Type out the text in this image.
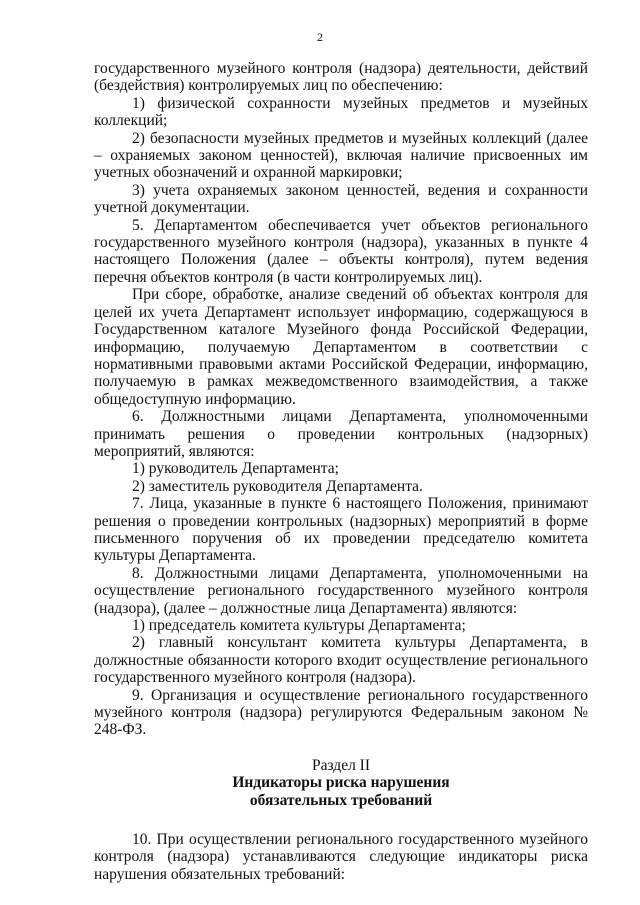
2

государственного музейного контроля (надзора) деятельности, действий (бездействия) контролируемых лиц по обеспечению:

1) физической сохранности музейных предметов и музейных коллекций;

2) безопасности музейных предметов и музейных коллекций (далее – охраняемых законом ценностей), включая наличие присвоенных им учетных обозначений и охранной маркировки;

3) учета охраняемых законом ценностей, ведения и сохранности учетной документации.

5. Департаментом обеспечивается учет объектов регионального государственного музейного контроля (надзора), указанных в пункте 4 настоящего Положения (далее – объекты контроля), путем ведения перечня объектов контроля (в части контролируемых лиц).

При сборе, обработке, анализе сведений об объектах контроля для целей их учета Департамент использует информацию, содержащуюся в Государственном каталоге Музейного фонда Российской Федерации, информацию, получаемую Департаментом в соответствии с нормативными правовыми актами Российской Федерации, информацию, получаемую в рамках межведомственного взаимодействия, а также общедоступную информацию.

6. Должностными лицами Департамента, уполномоченными принимать решения о проведении контрольных (надзорных) мероприятий, являются:

1) руководитель Департамента;

2) заместитель руководителя Департамента.

7. Лица, указанные в пункте 6 настоящего Положения, принимают решения о проведении контрольных (надзорных) мероприятий в форме письменного поручения об их проведении председателю комитета культуры Департамента.

8. Должностными лицами Департамента, уполномоченными на осуществление регионального государственного музейного контроля (надзора), (далее – должностные лица Департамента) являются:

1) председатель комитета культуры Департамента;

2) главный консультант комитета культуры Департамента, в должностные обязанности которого входит осуществление регионального государственного музейного контроля (надзора).

9. Организация и осуществление регионального государственного музейного контроля (надзора) регулируются Федеральным законом № 248-ФЗ.

Раздел II
Индикаторы риска нарушения
обязательных требований

10. При осуществлении регионального государственного музейного контроля (надзора) устанавливаются следующие индикаторы риска нарушения обязательных требований:
